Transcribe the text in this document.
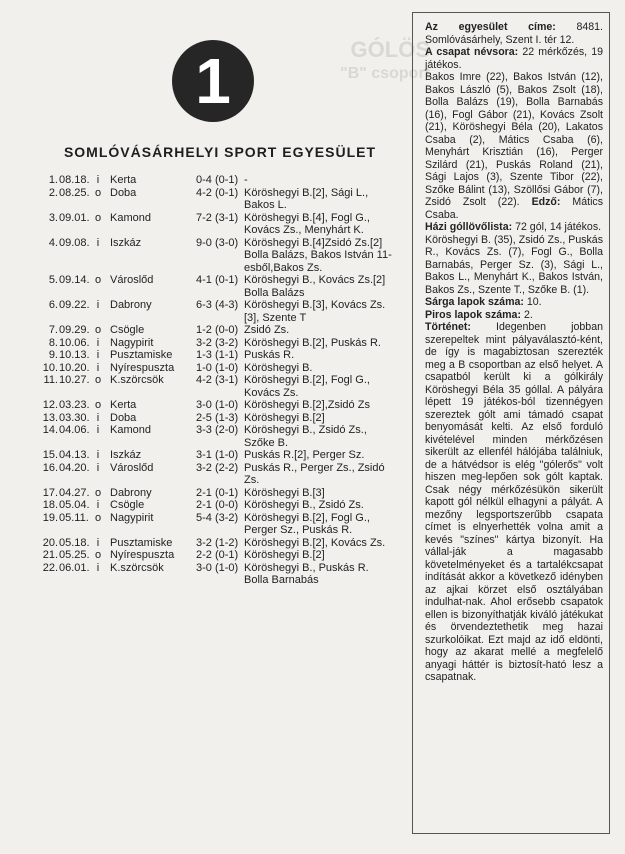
GÓLÖS
"B" csoport
1
SOMLÓVÁSÁRHELYI SPORT EGYESÜLET
1. 08.18. i Kerta	0-4 (0-1) -
2. 08.25. o Doba	4-2 (0-1) Köröshegyi B.[2], Sági L., Bakos L.
3. 09.01. o Kamond	7-2 (3-1) Köröshegyi B.[4], Fogl G., Kovács Zs., Menyhárt K.
4. 09.08. i Iszkáz	9-0 (3-0) Köröshegyi B.[4]Zsidó Zs.[2] Bolla Balázs, Bakos István 11-esből,Bakos Zs.
5. 09.14. o Városlőd	4-1 (0-1) Köröshegyi B., Kovács Zs.[2] Bolla Balázs
6. 09.22. i Dabrony	6-3 (4-3) Köröshegyi B.[3], Kovács Zs.[3], Szente T
7. 09.29. o Csögle	1-2 (0-0) Zsidó Zs.
8. 10.06. i Nagypirit	3-2 (3-2) Köröshegyi B.[2], Puskás R.
9. 10.13. i Pusztamiske 1-3 (1-1) Puskás R.
10. 10.20. i Nyírespuszta 1-0 (1-0) Köröshegyi B.
11. 10.27. o K.szörcsök	4-2 (3-1) Köröshegyi B.[2], Fogl G., Kovács Zs.
12. 03.23. o Kerta	3-0 (1-0) Köröshegyi B.[2],Zsidó Zs
13. 03.30. i Doba	2-5 (1-3) Köröshegyi B.[2]
14. 04.06. i Kamond	3-3 (2-0) Köröshegyi B., Zsidó Zs., Szőke B.
15. 04.13. i Iszkáz	3-1 (1-0) Puskás R.[2], Perger Sz.
16. 04.20. i Városlőd	3-2 (2-2) Puskás R., Perger Zs., Zsidó Zs.
17. 04.27. o Dabrony	2-1 (0-1) Köröshegyi B.[3]
18. 05.04. i Csögle	2-1 (0-0) Köröshegyi B., Zsidó Zs.
19. 05.11. o Nagypirit	5-4 (3-2) Köröshegyi B.[2], Fogl G., Perger Sz., Puskás R.
20. 05.18. i Pusztamiske 3-2 (1-2) Köröshegyi B.[2], Kovács Zs.
21. 05.25. o Nyírespuszta 2-2 (0-1) Köröshegyi B.[2]
22. 06.01. i K.szörcsök	3-0 (1-0) Köröshegyi B., Puskás R. Bolla Barnabás

Az egyesület címe: 8481. Somlóvásárhely, Szent I. tér 12.

A csapat névsora: 22 mérkőzés, 19 játékos.

Bakos Imre (22), Bakos István (12), Bakos László (5), Bakos Zsolt (18), Bolla Balázs (19), Bolla Barnabás (16), Fogl Gábor (21), Kovács Zsolt (21), Köröshegyi Béla (20), Lakatos Csaba (2), Mátics Csaba (6), Menyhárt Krisztián (16), Perger Szilárd (21), Puskás Roland (21), Sági Lajos (3), Szente Tibor (22), Szőke Bálint (13), Szöllősi Gábor (7), Zsidó Zsolt (22). Edző: Mátics Csaba.

Házi góllövőlista: 72 gól, 14 játékos.

Köröshegyi B. (35), Zsidó Zs., Puskás R., Kovács Zs. (7), Fogl G., Bolla Barnabás, Perger Sz. (3), Sági L., Bakos L., Menyhárt K., Bakos István, Bakos Zs., Szente T., Szőke B. (1).

Sárga lapok száma: 10.

Piros lapok száma: 2.

Történet: Idegenben jobban szerepeltek mint pályaválasztó-ként, de így is magabiztosan szerezték meg a B csoportban az első helyet. A csapatból került ki a gólkirály Köröshegyi Béla 35 góllal. A pályára lépett 19 játékos-ból tizennégyen szereztek gólt ami támadó csapat benyomását kelti. Az első forduló kivételével minden mérkőzésen sikerült az ellenfél hálójába találniuk, de a hátvédsor is elég "gólerős" volt hiszen meg-lepően sok gólt kaptak. Csak négy mérkőzésükön sikerült kapott gól nélkül elhagyni a pályát. A mezőny legsportszerűbb csapata címet is elnyerhették volna amit a kevés "színes" kártya bizonyít. Ha vállal-ják a magasabb követelményeket és a tartalékcsapat indítását akkor a következő idényben az ajkai körzet első osztályában indulhat-nak. Ahol erősebb csapatok ellen is bizonyíthatják kiváló játékukat és örvendeztethetik meg hazai szurkolóikat. Ezt majd az idő eldönti, hogy az akarat mellé a megfelelő anyagi háttér is biztosít-ható lesz a csapatnak.
